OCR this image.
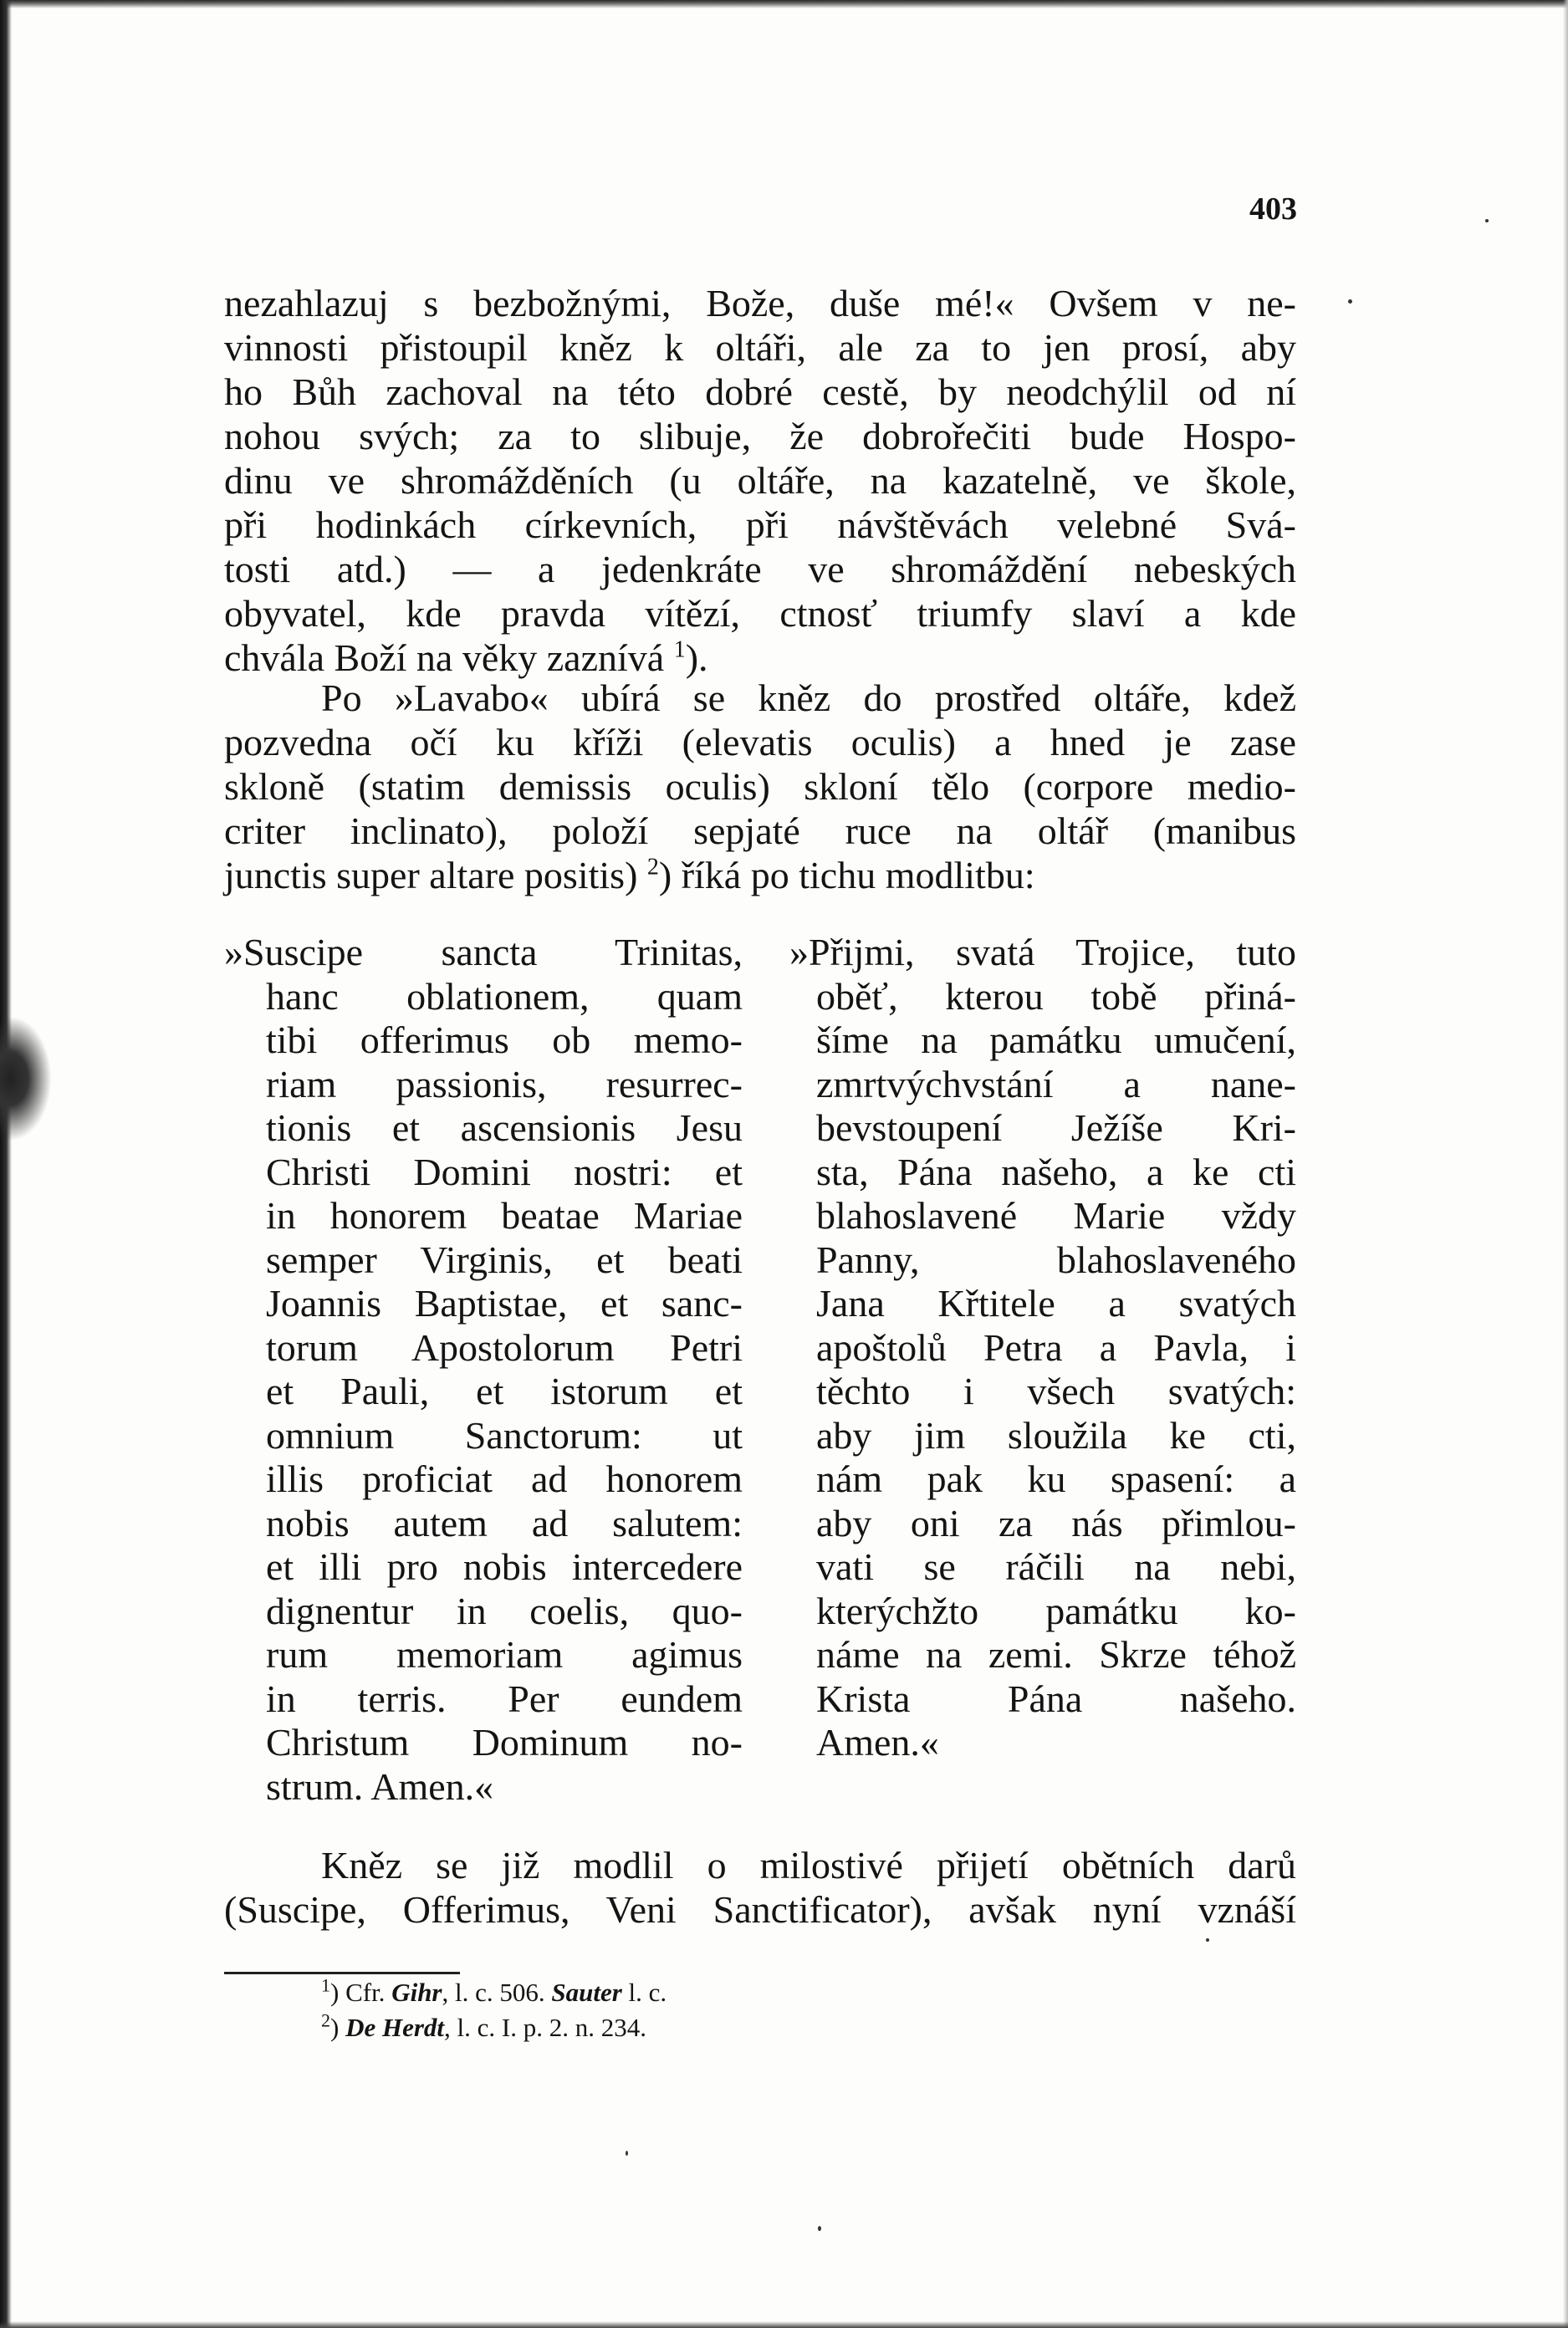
403
nezahlazuj s bezbožnými, Bože, duše mé!« Ovšem v ne-
vinnosti přistoupil kněz k oltáři, ale za to jen prosí, aby
ho Bůh zachoval na této dobré cestě, by neodchýlil od ní
nohou svých; za to slibuje, že dobrořečiti bude Hospo-
dinu ve shromážděních (u oltáře, na kazatelně, ve škole,
při hodinkách církevních, při návštěvách velebné Svá-
tosti atd.) — a jedenkráte ve shromáždění nebeských
obyvatel, kde pravda vítězí, ctnosť triumfy slaví a kde
chvála Boží na věky zaznívá $^1$).
Po »Lavabo« ubírá se kněz do prostřed oltáře, kdež
pozvedna očí ku kříži (elevatis oculis) a hned je zase
skloně (statim demissis oculis) skloní tělo (corpore medio-
criter inclinato), položí sepjaté ruce na oltář (manibus
junctis super altare positis) $^2$) říká po tichu modlitbu:
»Suscipe sancta Trinitas,
hanc oblationem, quam
tibi offerimus ob memo-
riam passionis, resurrec-
tionis et ascensionis Jesu
Christi Domini nostri: et
in honorem beatae Mariae
semper Virginis, et beati
Joannis Baptistae, et sanc-
torum Apostolorum Petri
et Pauli, et istorum et
omnium Sanctorum: ut
illis proficiat ad honorem
nobis autem ad salutem:
et illi pro nobis intercedere
dignentur in coelis, quo-
rum memoriam agimus
in terris. Per eundem
Christum Dominum no-
strum. Amen.«
»Přijmi, svatá Trojice, tuto
oběť, kterou tobě přiná-
šíme na památku umučení,
zmrtvýchvstání a nane-
bevstoupení Ježíše Kri-
sta, Pána našeho, a ke cti
blahoslavené Marie vždy
Panny, blahoslaveného
Jana Křtitele a svatých
apoštolů Petra a Pavla, i
těchto i všech svatých:
aby jim sloužila ke cti,
nám pak ku spasení: a
aby oni za nás přimlou-
vati se ráčili na nebi,
kterýchžto památku ko-
náme na zemi. Skrze téhož
Krista Pána našeho.
Amen.«
Kněz se již modlil o milostivé přijetí obětních darů
(Suscipe, Offerimus, Veni Sanctificator), avšak nyní vznáší
$^1$) Cfr. Gihr, l. c. 506. Sauter l. c.
$^2$) De Herdt, l. c. I. p. 2. n. 234.
